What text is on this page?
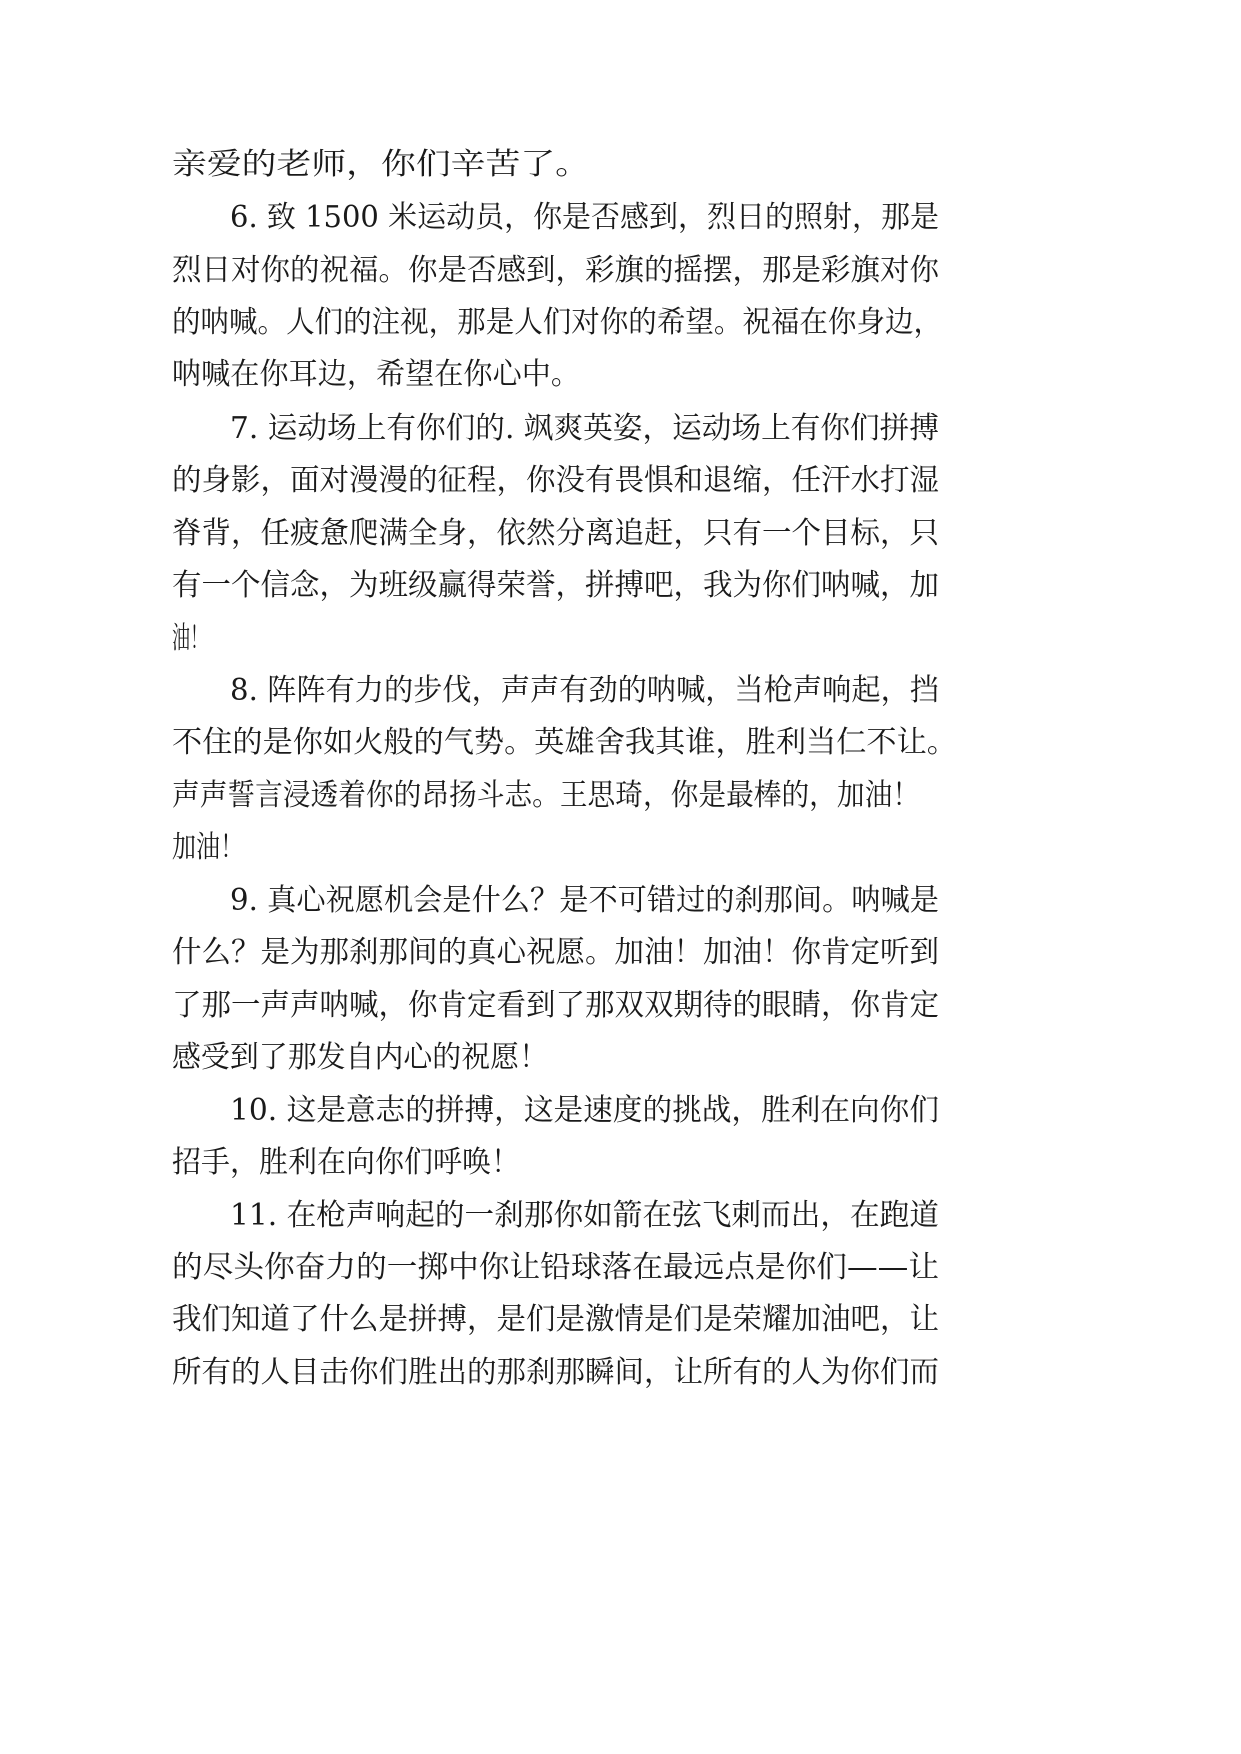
亲爱的老师，你们辛苦了。
6. 致 1500 米运动员，你是否感到，烈日的照射，那是
烈日对你的祝福。你是否感到，彩旗的摇摆，那是彩旗对你
的呐喊。人们的注视，那是人们对你的希望。祝福在你身边，
呐喊在你耳边，希望在你心中。
7. 运动场上有你们的. 飒爽英姿，运动场上有你们拼搏
的身影，面对漫漫的征程，你没有畏惧和退缩，任汗水打湿
脊背，任疲惫爬满全身，依然分离追赶，只有一个目标，只
有一个信念，为班级赢得荣誉，拼搏吧，我为你们呐喊，加
油！
8. 阵阵有力的步伐，声声有劲的呐喊，当枪声响起，挡
不住的是你如火般的气势。英雄舍我其谁，胜利当仁不让。
声声誓言浸透着你的昂扬斗志。王思琦，你是最棒的，加油！
加油！
9. 真心祝愿机会是什么？是不可错过的刹那间。呐喊是
什么？是为那刹那间的真心祝愿。加油！加油！你肯定听到
了那一声声呐喊，你肯定看到了那双双期待的眼睛，你肯定
感受到了那发自内心的祝愿！
10. 这是意志的拼搏，这是速度的挑战，胜利在向你们
招手，胜利在向你们呼唤！
11. 在枪声响起的一刹那你如箭在弦飞刺而出，在跑道
的尽头你奋力的一掷中你让铅球落在最远点是你们——让
我们知道了什么是拼搏，是们是激情是们是荣耀加油吧，让
所有的人目击你们胜出的那刹那瞬间，让所有的人为你们而
